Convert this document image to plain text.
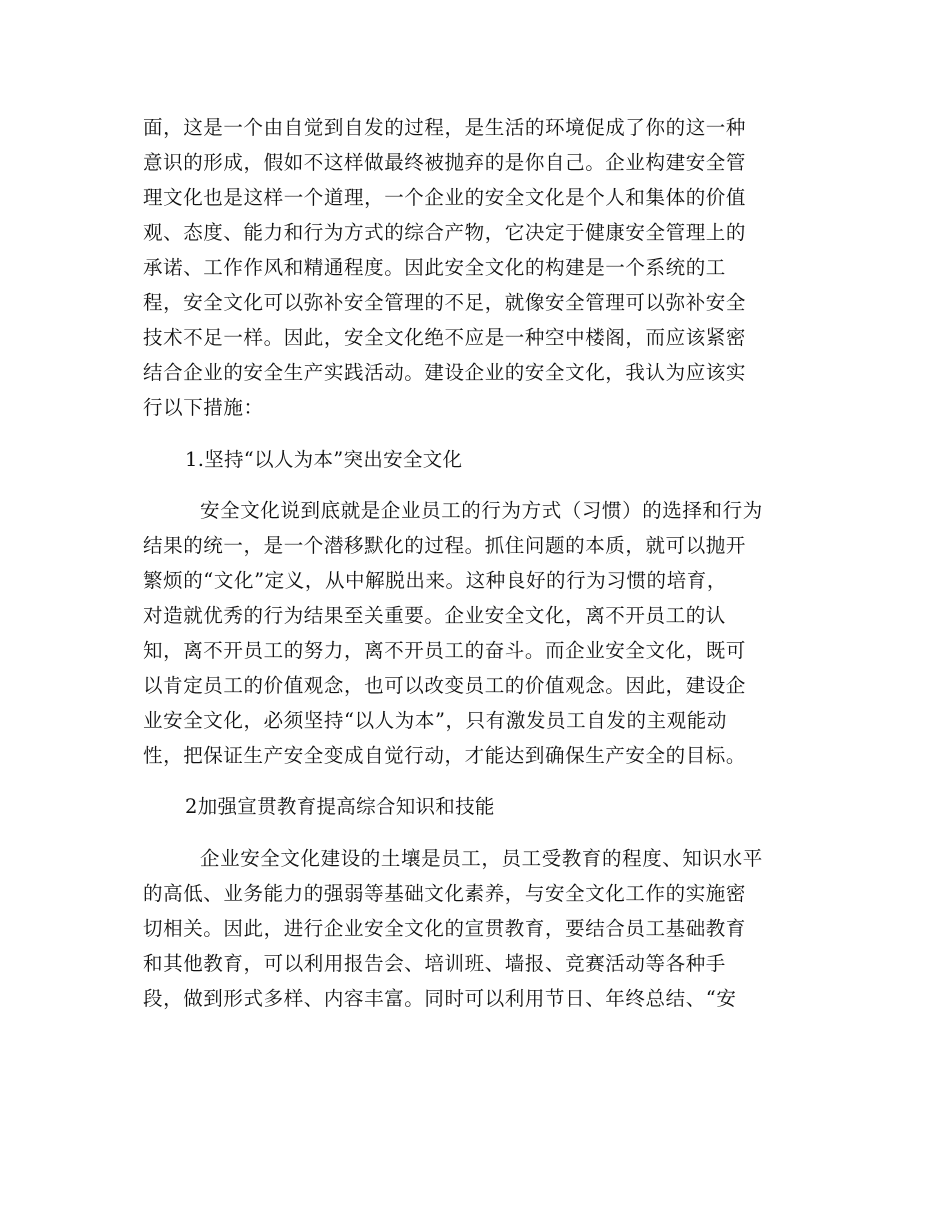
面，这是一个由自觉到自发的过程，是生活的环境促成了你的这一种
意识的形成，假如不这样做最终被抛弃的是你自己。企业构建安全管
理文化也是这样一个道理，一个企业的安全文化是个人和集体的价值
观、态度、能力和行为方式的综合产物，它决定于健康安全管理上的
承诺、工作作风和精通程度。因此安全文化的构建是一个系统的工
程，安全文化可以弥补安全管理的不足，就像安全管理可以弥补安全
技术不足一样。因此，安全文化绝不应是一种空中楼阁，而应该紧密
结合企业的安全生产实践活动。建设企业的安全文化，我认为应该实
行以下措施：
1.坚持“以人为本”突出安全文化
安全文化说到底就是企业员工的行为方式（习惯）的选择和行为
结果的统一，是一个潜移默化的过程。抓住问题的本质，就可以抛开
繁烦的“文化”定义，从中解脱出来。这种良好的行为习惯的培育，
对造就优秀的行为结果至关重要。企业安全文化，离不开员工的认
知，离不开员工的努力，离不开员工的奋斗。而企业安全文化，既可
以肯定员工的价值观念，也可以改变员工的价值观念。因此，建设企
业安全文化，必须坚持“以人为本”，只有激发员工自发的主观能动
性，把保证生产安全变成自觉行动，才能达到确保生产安全的目标。
2加强宣贯教育提高综合知识和技能
企业安全文化建设的土壤是员工，员工受教育的程度、知识水平
的高低、业务能力的强弱等基础文化素养，与安全文化工作的实施密
切相关。因此，进行企业安全文化的宣贯教育，要结合员工基础教育
和其他教育，可以利用报告会、培训班、墙报、竞赛活动等各种手
段，做到形式多样、内容丰富。同时可以利用节日、年终总结、“安
